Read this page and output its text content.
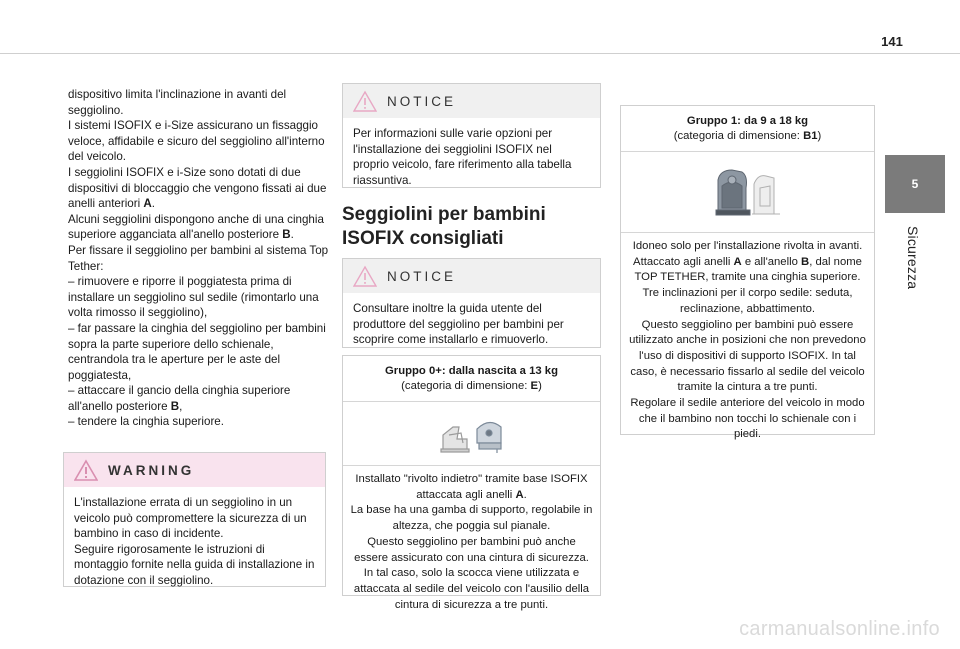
141
5
Sicurezza

dispositivo limita l'inclinazione in avanti del seggiolino.

I sistemi ISOFIX e i-Size assicurano un fissaggio veloce, affidabile e sicuro del seggiolino all'interno del veicolo.

I seggiolini ISOFIX e i-Size sono dotati di due dispositivi di bloccaggio che vengono fissati ai due anelli anteriori A.

Alcuni seggiolini dispongono anche di una cinghia superiore agganciata all'anello posteriore B.

Per fissare il seggiolino per bambini al sistema Top Tether:

– rimuovere e riporre il poggiatesta prima di installare un seggiolino sul sedile (rimontarlo una volta rimosso il seggiolino),

– far passare la cinghia del seggiolino per bambini sopra la parte superiore dello schienale, centrandola tra le aperture per le aste del poggiatesta,

– attaccare il gancio della cinghia superiore all'anello posteriore B,

– tendere la cinghia superiore.

WARNING

L'installazione errata di un seggiolino in un veicolo può compromettere la sicurezza di un bambino in caso di incidente.

Seguire rigorosamente le istruzioni di montaggio fornite nella guida di installazione in dotazione con il seggiolino.

NOTICE
Per informazioni sulle varie opzioni per l'installazione dei seggiolini ISOFIX nel proprio veicolo, fare riferimento alla tabella riassuntiva.
Seggiolini per bambini ISOFIX consigliati
NOTICE
Consultare inoltre la guida utente del produttore del seggiolino per bambini per scoprire come installarlo e rimuoverlo.
Gruppo 0+: dalla nascita a 13 kg
(categoria di dimensione: E)
Installato "rivolto indietro" tramite base ISOFIX attaccata agli anelli A.
La base ha una gamba di supporto, regolabile in altezza, che poggia sul pianale.
Questo seggiolino per bambini può anche essere assicurato con una cintura di sicurezza. In tal caso, solo la scocca viene utilizzata e attaccata al sedile del veicolo con l'ausilio della cintura di sicurezza a tre punti.
Gruppo 1: da 9 a 18 kg
(categoria di dimensione: B1)
Idoneo solo per l'installazione rivolta in avanti. Attaccato agli anelli A e all'anello B, dal nome TOP TETHER, tramite una cinghia superiore.
Tre inclinazioni per il corpo sedile: seduta, reclinazione, abbattimento.
Questo seggiolino per bambini può essere utilizzato anche in posizioni che non prevedono l'uso di dispositivi di supporto ISOFIX. In tal caso, è necessario fissarlo al sedile del veicolo tramite la cintura a tre punti.
Regolare il sedile anteriore del veicolo in modo che il bambino non tocchi lo schienale con i piedi.
carmanualsonline.info
